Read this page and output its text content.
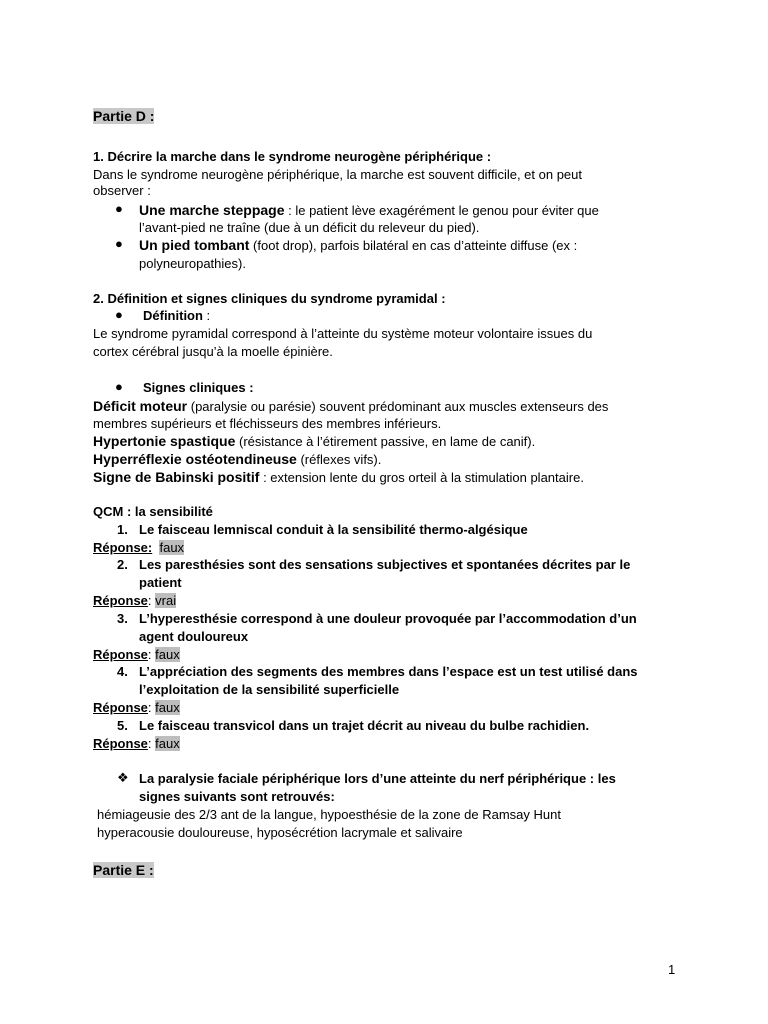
Partie D :
1. Décrire la marche dans le syndrome neurogène périphérique :
Dans le syndrome neurogène périphérique, la marche est souvent difficile, et on peut
observer :
● Une marche steppage : le patient lève exagérément le genou pour éviter que
l’avant-pied ne traîne (due à un déficit du releveur du pied).
● Un pied tombant (foot drop), parfois bilatéral en cas d’atteinte diffuse (ex :
polyneuropathies).
2. Définition et signes cliniques du syndrome pyramidal :
● Définition :
Le syndrome pyramidal correspond à l’atteinte du système moteur volontaire issues du
cortex cérébral jusqu’à la moelle épinière.
● Signes cliniques :
Déficit moteur (paralysie ou parésie) souvent prédominant aux muscles extenseurs des
membres supérieurs et fléchisseurs des membres inférieurs.
Hypertonie spastique (résistance à l’étirement passive, en lame de canif).
Hyperréflexie ostéotendineuse (réflexes vifs).
Signe de Babinski positif : extension lente du gros orteil à la stimulation plantaire.
QCM : la sensibilité
1. Le faisceau lemniscal conduit à la sensibilité thermo-algésique
Réponse: faux
2. Les paresthésies sont des sensations subjectives et spontanées décrites par le
patient
Réponse: vrai
3. L’hyperesthésie correspond à une douleur provoquée par l’accommodation d’un
agent douloureux
Réponse: faux
4. L’appréciation des segments des membres dans l’espace est un test utilisé dans
l’exploitation de la sensibilité superficielle
Réponse: faux
5. Le faisceau transvicol dans un trajet décrit au niveau du bulbe rachidien.
Réponse: faux
❖ La paralysie faciale périphérique lors d’une atteinte du nerf périphérique : les
signes suivants sont retrouvés:
hémiageusie des 2/3 ant de la langue, hypoesthésie de la zone de Ramsay Hunt
hyperacousie douloureuse, hyposécrétion lacrymale et salivaire
Partie E :
1
